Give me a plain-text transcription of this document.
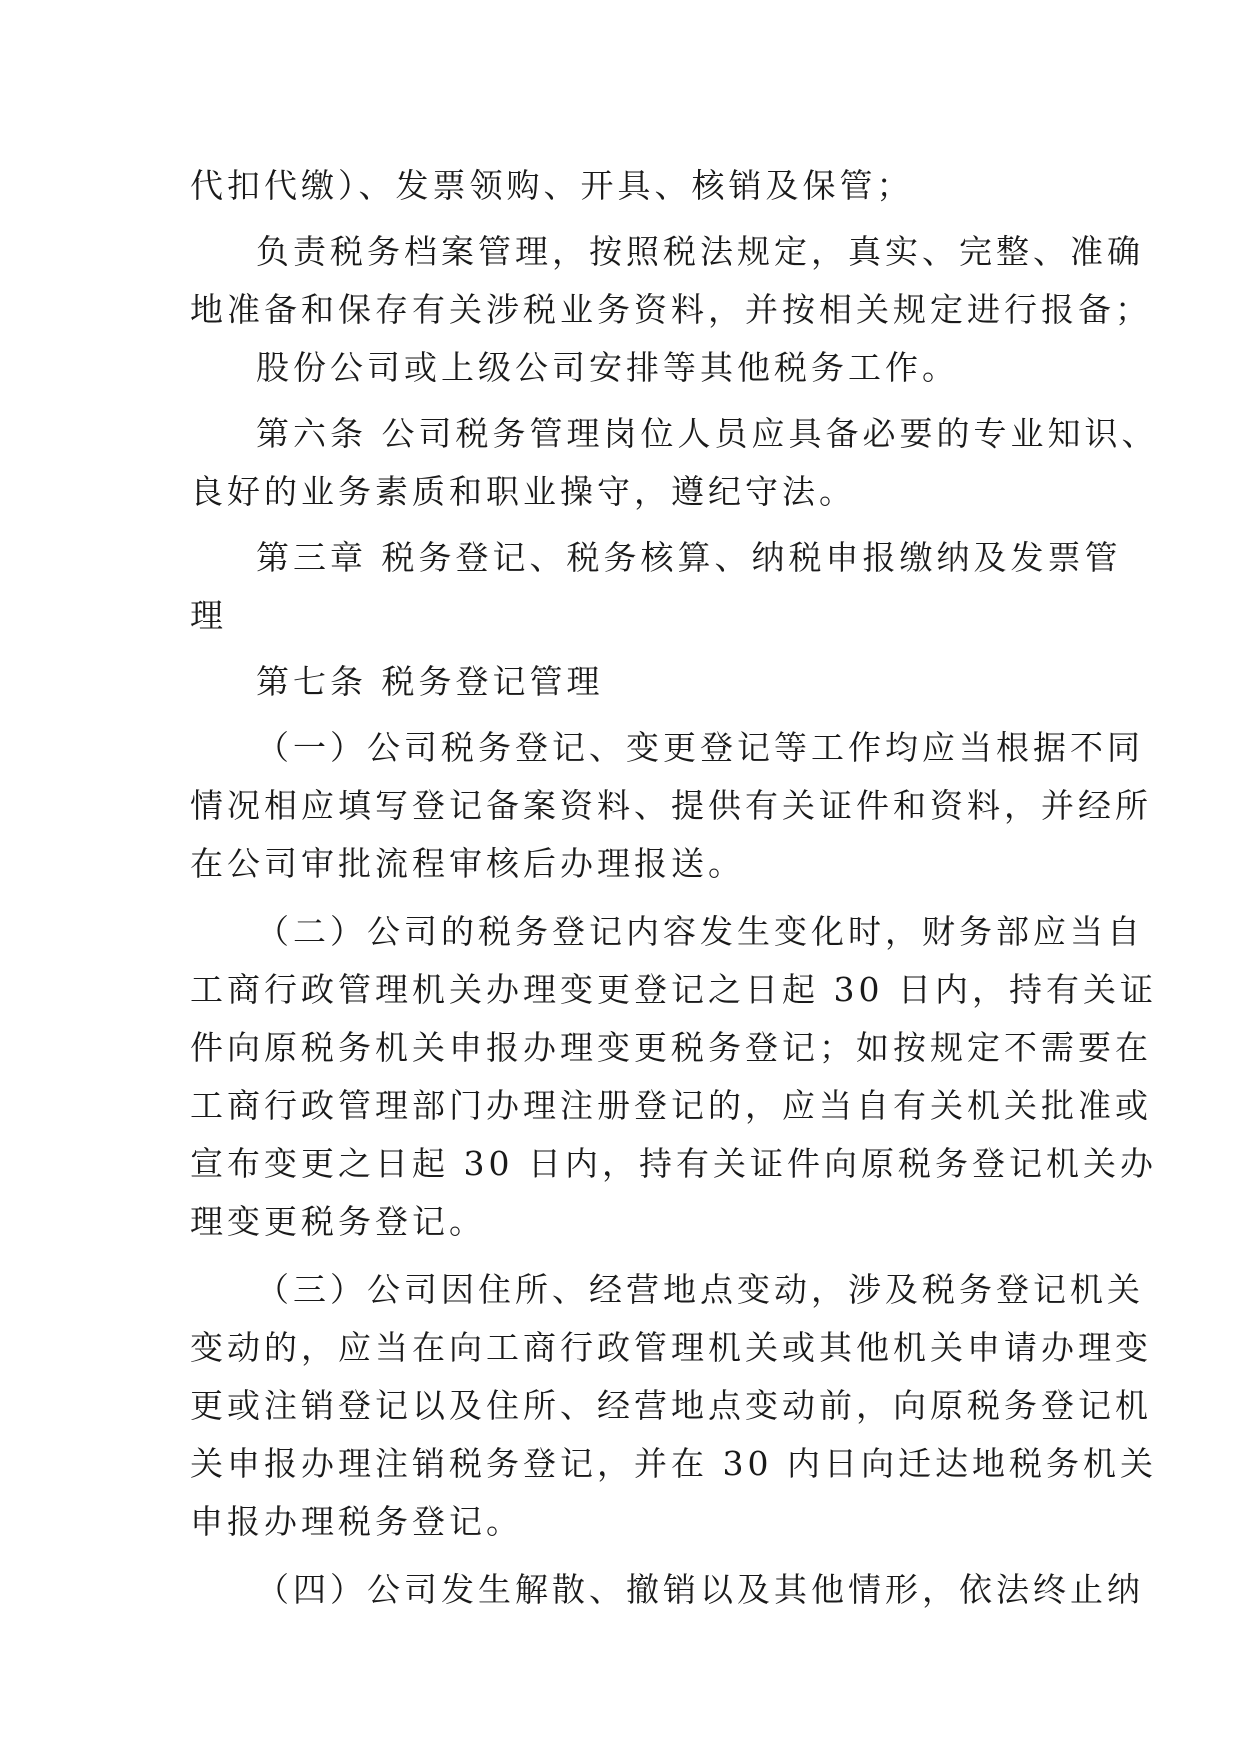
代扣代缴）、发票领购、开具、核销及保管；
负责税务档案管理，按照税法规定，真实、完整、准确
地准备和保存有关涉税业务资料，并按相关规定进行报备；
股份公司或上级公司安排等其他税务工作。
第六条 公司税务管理岗位人员应具备必要的专业知识、
良好的业务素质和职业操守，遵纪守法。
第三章 税务登记、税务核算、纳税申报缴纳及发票管
理
第七条 税务登记管理
（一）公司税务登记、变更登记等工作均应当根据不同
情况相应填写登记备案资料、提供有关证件和资料，并经所
在公司审批流程审核后办理报送。
（二）公司的税务登记内容发生变化时，财务部应当自
工商行政管理机关办理变更登记之日起 30 日内，持有关证
件向原税务机关申报办理变更税务登记；如按规定不需要在
工商行政管理部门办理注册登记的，应当自有关机关批准或
宣布变更之日起 30 日内，持有关证件向原税务登记机关办
理变更税务登记。
（三）公司因住所、经营地点变动，涉及税务登记机关
变动的，应当在向工商行政管理机关或其他机关申请办理变
更或注销登记以及住所、经营地点变动前，向原税务登记机
关申报办理注销税务登记，并在 30 内日向迁达地税务机关
申报办理税务登记。
（四）公司发生解散、撤销以及其他情形，依法终止纳
